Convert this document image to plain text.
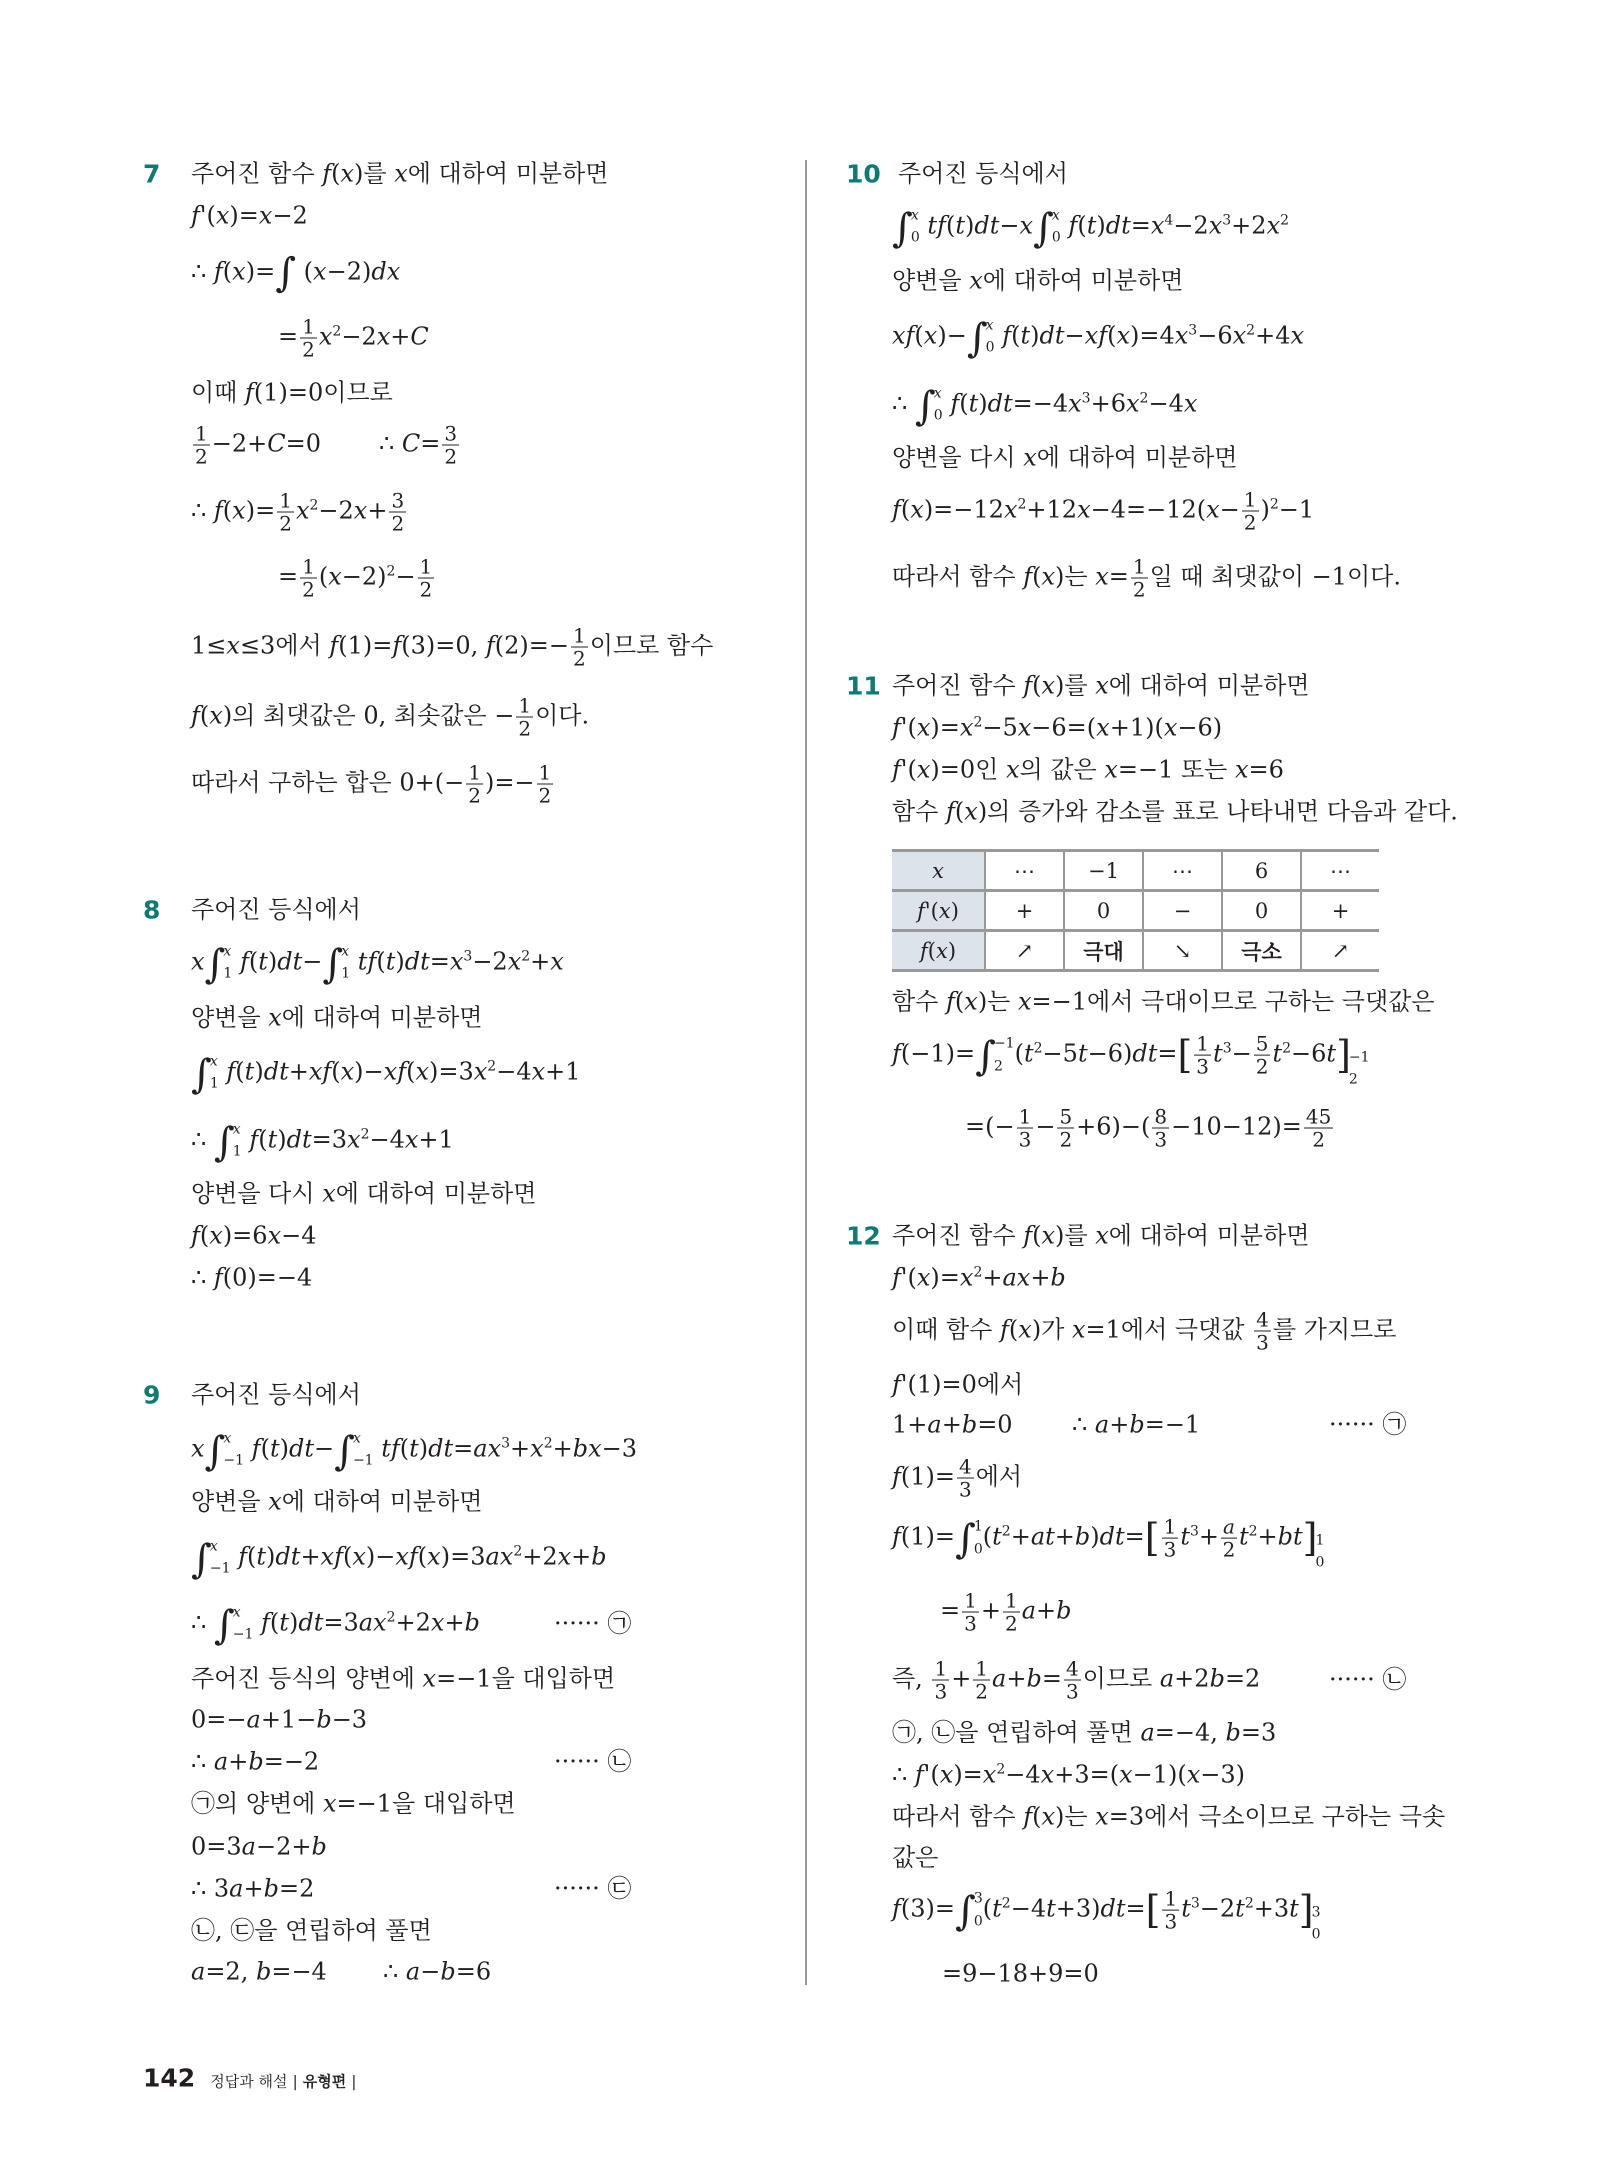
7 주어진 함수 f(x)를 x에 대하여 미분하면
f'(x)=x−2
∴ f(x)= ∫ (x−2)dx
= $\frac{1}{2} x^2-2x+C$
이때 f(1)=0이므로
$\frac{1}{2} -2+C=0$ ∴ $C= \frac{3}{2}$
∴ $f(x)= \frac{1}{2} x^2-2x+ \frac{3}{2}$
= $\frac{1}{2} (x-2)^2- \frac{1}{2}$
1≤x≤3에서 f(1)=f(3)=0, $f(2)=- \frac{1}{2}$ 이므로 함수
f(x)의 최댓값은 0, 최솟값은 − $\frac{1}{2}$ 이다.
따라서 구하는 합은 $0+(- \frac{1}{2}$ )=− $\frac{1}{2}$
8 주어진 등식에서
x ∫
x
1 f(t)dt− ∫
x
1 $tf(t)dt=x^3-2x^2+x$
양변을 x에 대하여 미분하면
∫
x
1 $f(t)dt+xf(x)-xf(x)=3x^2-4x+1$
∴ ∫
x
1 $f(t)dt=3x^2-4x+1$
양변을 다시 x에 대하여 미분하면
f(x)=6x−4
∴ f(0)=−4
9 주어진 등식에서
x ∫
x
−1 f(t)dt− ∫
x
−1 $tf(t)dt=ax^3+x^2+bx-3$
양변을 x에 대하여 미분하면
∫
x
−1 $f(t)dt+xf(x)-xf(x)=3ax^2+2x+b$
∴ ∫
x
−1 $f(t)dt=3ax^2+2x+b$	······ ㉠
주어진 등식의 양변에 x=−1을 대입하면
0=−a+1−b−3
∴ a+b=−2	······ ㉡
㉠의 양변에 x=−1을 대입하면
0=3a−2+b
∴ 3a+b=2	······ ㉢
㉡, ㉢을 연립하여 풀면
a=2, b=−4 ∴ a−b=6
10 주어진 등식에서
∫
x
0 tf(t)dt−x ∫
x
0 $f(t)dt=x^4-2x^3+2x^2$
양변을 x에 대하여 미분하면
xf(x)− ∫
x
0 $f(t)dt-xf(x)=4x^3-6x^2+4x$
∴ ∫
x
0 $f(t)dt=-4x^3+6x^2-4x$
양변을 다시 x에 대하여 미분하면
$f(x)=-12x^2+12x-4=-12(x- \frac{1}{2} )^2-1$
따라서 함수 f(x)는 $x= \frac{1}{2}$ 일 때 최댓값이 −1이다.
11 주어진 함수 f(x)를 x에 대하여 미분하면
$f'(x)=x^2-5x-6=(x+1)(x-6)$
f'(x)=0인 x의 값은 x=−1 또는 x=6
함수 f(x)의 증가와 감소를 표로 나타내면 다음과 같다.
x	⋯	−1	⋯	6	⋯
f'(x)	+	0	−	0	+
f(x)	↗	극대	↘	극소	↗
함수 f(x)는 x=−1에서 극대이므로 구하는 극댓값은
f(−1)= ∫
−1
2 $(t^2-5t-6)dt=[ \frac{1}{3} t^3- \frac{5}{2} t^2-6t]$
−1
2
=(− $\frac{1}{3} - \frac{5}{2} +6)-( \frac{8}{3} -10-12)= \frac{45}{2}$
12 주어진 함수 f(x)를 x에 대하여 미분하면
$f'(x)=x^2+ax+b$
이때 함수 f(x)가 x=1에서 극댓값 $\frac{4}{3}$ 를 가지므로
f'(1)=0에서
1+a+b=0 ∴ a+b=−1	······ ㉠
$f(1)= \frac{4}{3}$ 에서
f(1)= ∫
1
0 $(t^2+at+b)dt=[ \frac{1}{3} t^3+ \frac{a}{2} t^2+bt]$
1
0
= $\frac{1}{3} + \frac{1}{2} a+b$
즉, $\frac{1}{3} + \frac{1}{2} a+b= \frac{4}{3}$ 이므로 a+2b=2	······ ㉡
㉠, ㉡을 연립하여 풀면 a=−4, b=3
∴ $f'(x)=x^2-4x+3=(x-1)(x-3)$
따라서 함수 f(x)는 x=3에서 극소이므로 구하는 극솟
값은
f(3)= ∫
3
0 $(t^2-4t+3)dt=[ \frac{1}{3} t^3-2t^2+3t]$
3
0
=9−18+9=0
142 정답과 해설 | 유형편 |
